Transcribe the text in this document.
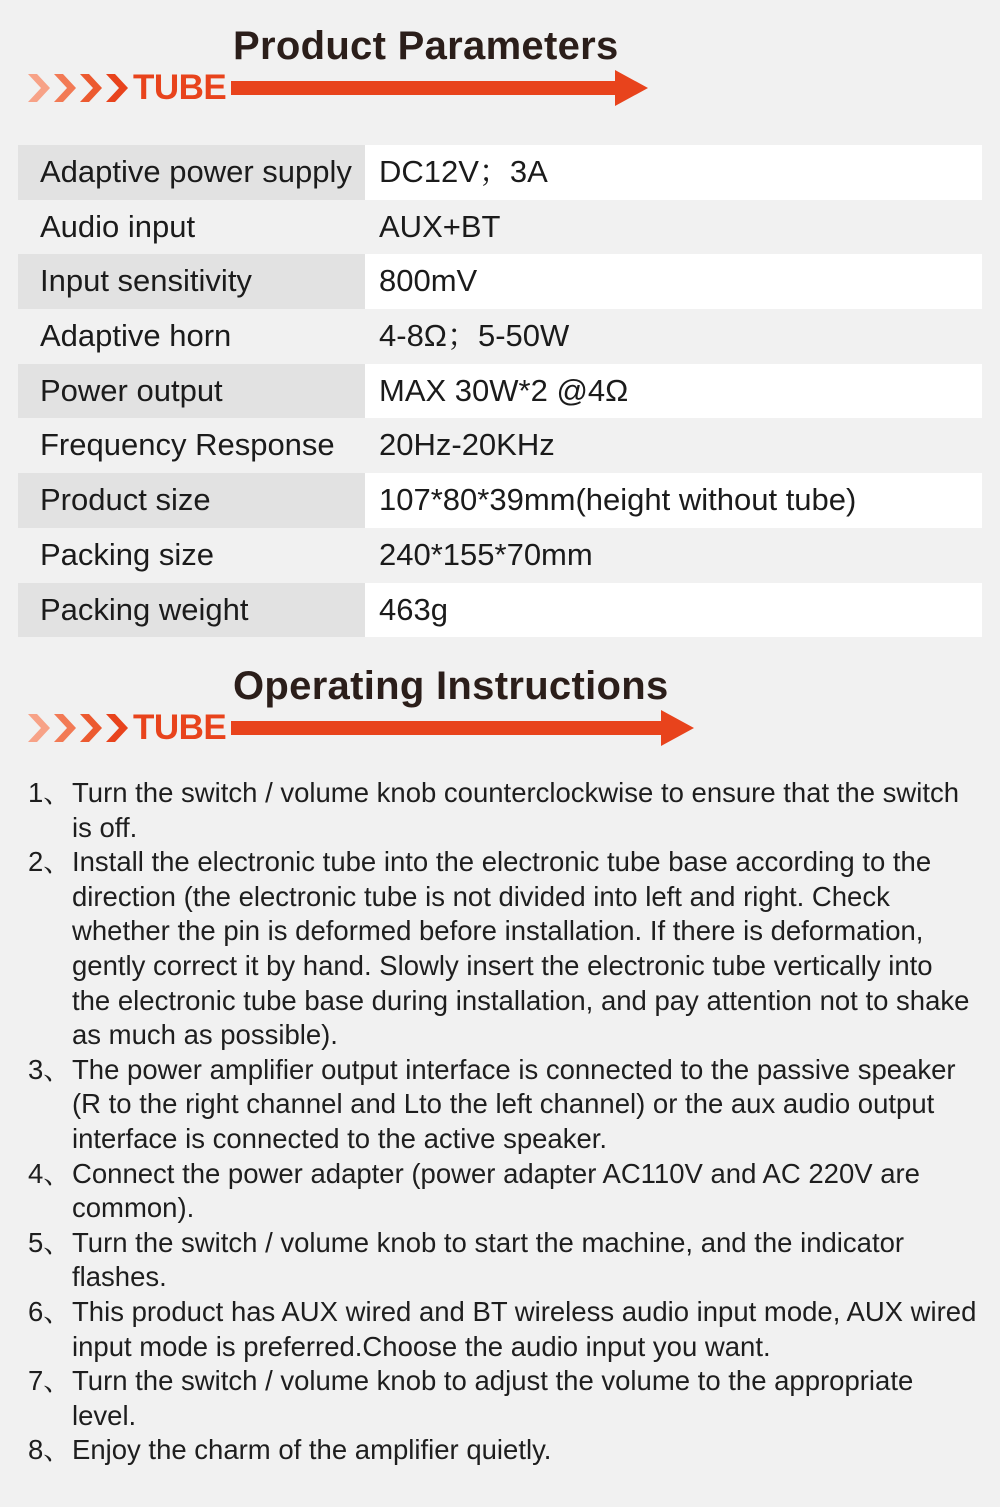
Product Parameters
TUBE
Adaptive power supply DC12V；3A
Audio input	AUX+BT
Input sensitivity	800mV
Adaptive horn	4-8Ω；5-50W
Power output	MAX 30W*2 @4Ω
Frequency Response	20Hz-20KHz
Product size	107*80*39mm(height without tube)
Packing size	240*155*70mm
Packing weight	463g
Operating Instructions
TUBE
1、 Turn the switch / volume knob counterclockwise to ensure that the switch is off.
2、 Install the electronic tube into the electronic tube base according to the direction (the electronic tube is not divided into left and right. Check whether the pin is deformed before installation. If there is deformation, gently correct it by hand. Slowly insert the electronic tube vertically into the electronic tube base during installation, and pay attention not to shake as much as possible).
3、 The power amplifier output interface is connected to the passive speaker (R to the right channel and Lto the left channel) or the aux audio output interface is connected to the active speaker.
4、 Connect the power adapter (power adapter AC110V and AC 220V are common).
5、 Turn the switch / volume knob to start the machine, and the indicator flashes.
6、 This product has AUX wired and BT wireless audio input mode, AUX wired input mode is preferred.Choose the audio input you want.
7、 Turn the switch / volume knob to adjust the volume to the appropriate level.
8、 Enjoy the charm of the amplifier quietly.
